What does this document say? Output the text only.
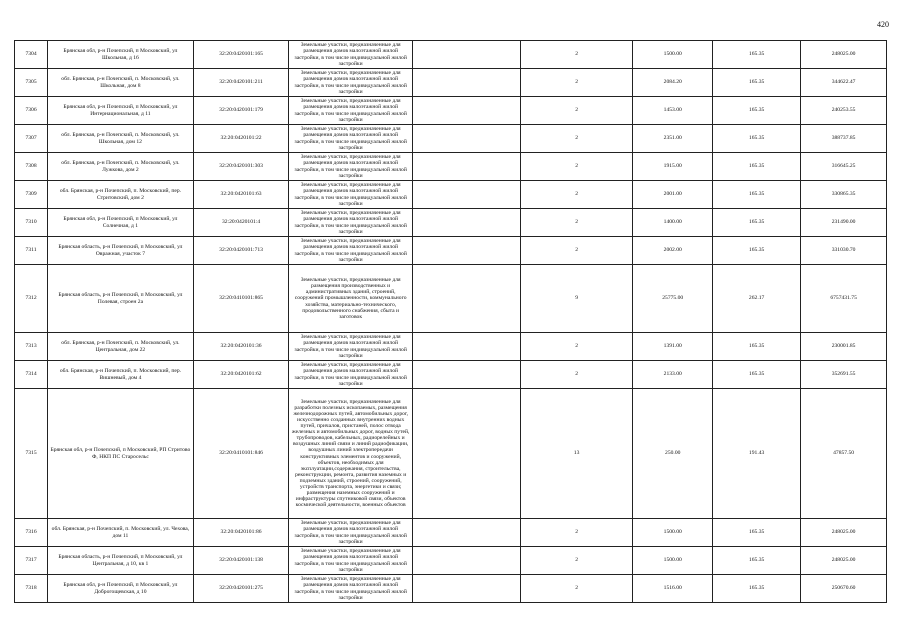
420
7304	Брянская обл, р-н Почепский, п Московский, ул Школьная, д 16	32:20:0420101:165	Земельные участки, предназначенные для размещения домов малоэтажной жилой застройки, в том числе индивидуальной жилой застройки		2	1500.00	165.35	248025.00
7305	обл. Брянская, р-н Почепский, п. Московский, ул. Школьная, дом 8	32:20:0420101:211	Земельные участки, предназначенные для размещения домов малоэтажной жилой застройки, в том числе индивидуальной жилой застройки		2	2084.20	165.35	344622.47
7306	Брянская обл, р-н Почепский, п Московский, ул Интернациональная, д 11	32:20:0420101:179	Земельные участки, предназначенные для размещения домов малоэтажной жилой застройки, в том числе индивидуальной жилой застройки		2	1453.00	165.35	240253.55
7307	обл. Брянская, р-н Почепский, п. Московский, ул. Школьная, дом 12	32:20:0420101:22	Земельные участки, предназначенные для размещения домов малоэтажной жилой застройки, в том числе индивидуальной жилой застройки		2	2351.00	165.35	388737.85
7308	обл. Брянская, р-н Почепский, п. Московский, ул. Лужкова, дом 2	32:20:0420101:303	Земельные участки, предназначенные для размещения домов малоэтажной жилой застройки, в том числе индивидуальной жилой застройки		2	1915.00	165.35	316645.25
7309	обл. Брянская, р-н Почепский, п. Московский, пер. Стритовский, дом 2	32:20:0420101:63	Земельные участки, предназначенные для размещения домов малоэтажной жилой застройки, в том числе индивидуальной жилой застройки		2	2001.00	165.35	330865.35
7310	Брянская обл, р-н Почепский, п Московский, ул Солнечная, д 1	32:20:0420101:4	Земельные участки, предназначенные для размещения домов малоэтажной жилой застройки, в том числе индивидуальной жилой застройки		2	1400.00	165.35	231490.00
7311	Брянская область, р-н Почепский, п Московский, ул Овражная, участок 7	32:20:0420101:713	Земельные участки, предназначенные для размещения домов малоэтажной жилой застройки, в том числе индивидуальной жилой застройки		2	2002.00	165.35	331030.70
7312	Брянская область, р-н Почепский, п Московский, ул Полевая, строен 2а	32:20:0410101:865	Земельные участки, предназначенные для размещения производственных и административных зданий, строений, сооружений промышленности, коммунального хозяйства, материально-технического, продовольственного снабжения, сбыта и заготовок		9	25775.00	262.17	6757431.75
7313	обл. Брянская, р-н Почепский, п. Московский, ул. Центральная, дом 22	32:20:0420101:36	Земельные участки, предназначенные для размещения домов малоэтажной жилой застройки, в том числе индивидуальной жилой застройки		2	1391.00	165.35	230001.85
7314	обл. Брянская, р-н Почепский, п. Московский, пер. Вишневый, дом 4	32:20:0420101:62	Земельные участки, предназначенные для размещения домов малоэтажной жилой застройки, в том числе индивидуальной жилой застройки		2	2133.00	165.35	352691.55
7315	Брянская обл, р-н Почепский, п Московский, РП Стритово Ф, НКП ПС Старосельс	32:20:0410101:846	Земельные участки, предназначенные для разработки полезных ископаемых, размещения железнодорожных путей, автомобильных дорог, искусственно созданных внутренних водных путей, причалов, пристаней, полос отвода железных и автомобильных дорог, водных путей, трубопроводов, кабельных, радиорелейных и воздушных линий связи и линий радиофикации, воздушных линий электропередачи конструктивных элементов и сооружений, объектов, необходимых для эксплуатации,содержания, строительства, реконструкции, ремонта, развития наземных и подземных зданий, строений, сооружений, устройств транспорта, энергетики и связи; размещения наземных сооружений и инфраструктуры спутниковой связи, объектов космической деятельности, военных объектов		13	250.00	191.43	47857.50
7316	обл. Брянская, р-н Почепский, п. Московский, ул. Чехова, дом 11	32:20:0420101:86	Земельные участки, предназначенные для размещения домов малоэтажной жилой застройки, в том числе индивидуальной жилой застройки		2	1500.00	165.35	248025.00
7317	Брянская область, р-н Почепский, п Московский, ул Центральная, д 10, кв 1	32:20:0420101:138	Земельные участки, предназначенные для размещения домов малоэтажной жилой застройки, в том числе индивидуальной жилой застройки		2	1500.00	165.35	248025.00
7318	Брянская обл, р-н Почепский, п Московский, ул Доброгощевская, д 10	32:20:0420101:275	Земельные участки, предназначенные для размещения домов малоэтажной жилой застройки, в том числе индивидуальной жилой застройки		2	1516.00	165.35	250670.60
